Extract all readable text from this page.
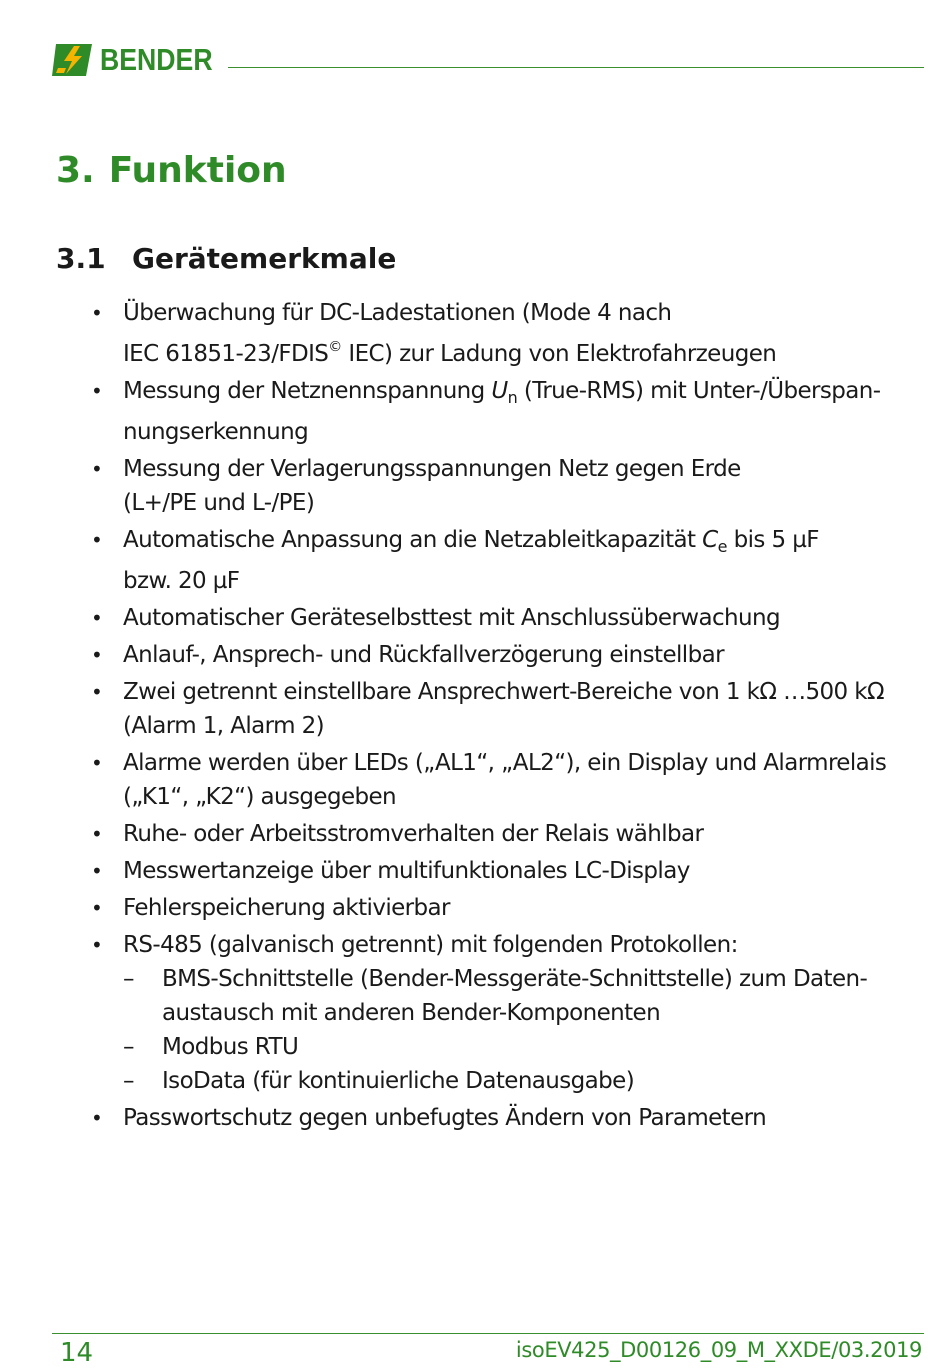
BENDER
3. Funktion
3.1 Gerätemerkmale
• Überwachung für DC-Ladestationen (Mode 4 nach
IEC 61851-23/FDIS© IEC) zur Ladung von Elektrofahrzeugen
• Messung der Netznennspannung $U_n$ (True-RMS) mit Unter-/Überspan-
nungserkennung
• Messung der Verlagerungsspannungen Netz gegen Erde
(L+/PE und L-/PE)
• Automatische Anpassung an die Netzableitkapazität $C_e$ bis 5 µF
bzw. 20 µF
• Automatischer Geräteselbsttest mit Anschlussüberwachung
• Anlauf-, Ansprech- und Rückfallverzögerung einstellbar
• Zwei getrennt einstellbare Ansprechwert-Bereiche von 1 kΩ …500 kΩ
(Alarm 1, Alarm 2)
• Alarme werden über LEDs („AL1“, „AL2“), ein Display und Alarmrelais
(„K1“, „K2“) ausgegeben
• Ruhe- oder Arbeitsstromverhalten der Relais wählbar
• Messwertanzeige über multifunktionales LC-Display
• Fehlerspeicherung aktivierbar
• RS-485 (galvanisch getrennt) mit folgenden Protokollen:
– BMS-Schnittstelle (Bender-Messgeräte-Schnittstelle) zum Daten-
austausch mit anderen Bender-Komponenten
– Modbus RTU
– IsoData (für kontinuierliche Datenausgabe)
• Passwortschutz gegen unbefugtes Ändern von Parametern
14	isoEV425_D00126_09_M_XXDE/03.2019
